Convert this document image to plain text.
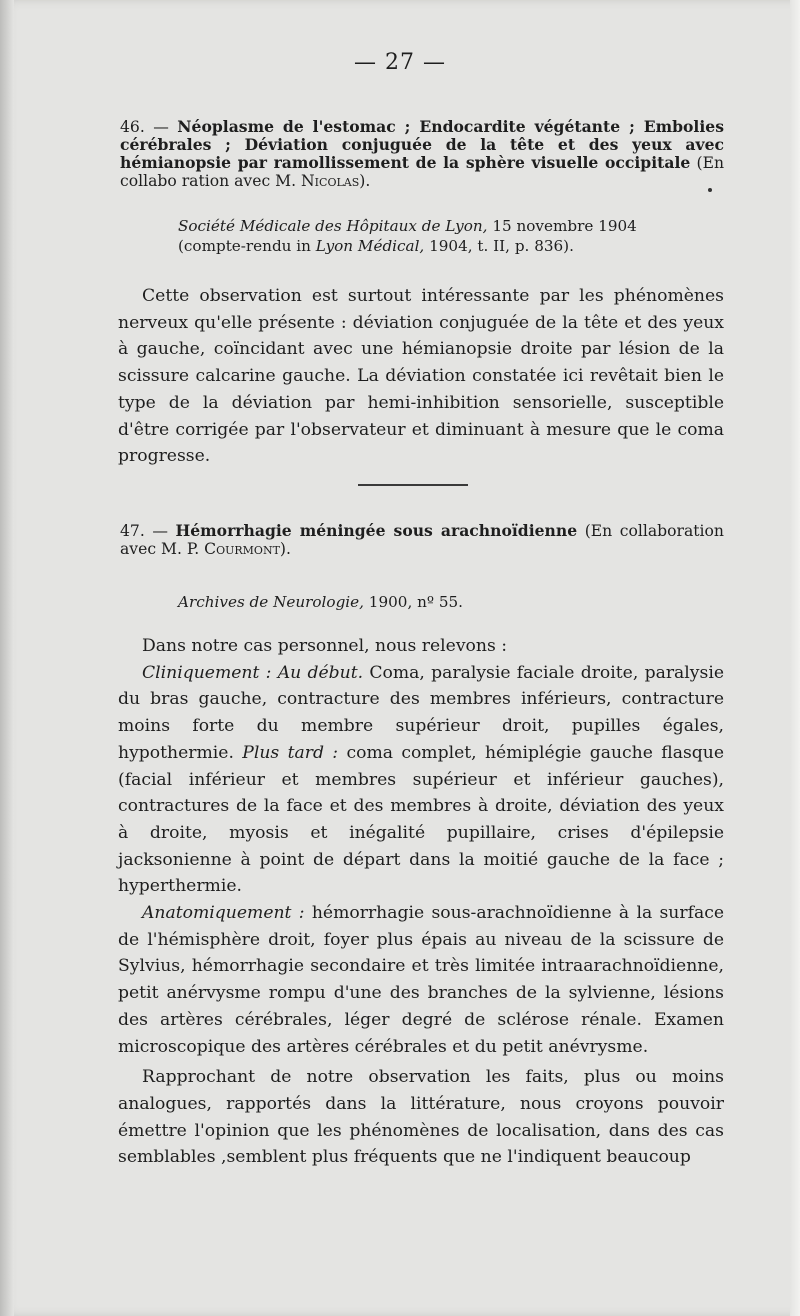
— 27 —
46. — Néoplasme de l'estomac ; Endocardite végétante ; Embolies cérébrales ; Déviation conjuguée de la tête et des yeux avec hémianopsie par ramollissement de la sphère visuelle occipitale (En collabo ration avec M. Nicolas).
Société Médicale des Hôpitaux de Lyon, 15 novembre 1904
(compte-rendu in Lyon Médical, 1904, t. II, p. 836).

Cette observation est surtout intéressante par les phénomènes nerveux qu'elle présente : déviation conjuguée de la tête et des yeux à gauche, coïncidant avec une hémianopsie droite par lésion de la scissure calcarine gauche. La déviation constatée ici revêtait bien le type de la déviation par hemi-inhibition sensorielle, susceptible d'être corrigée par l'observateur et diminuant à mesure que le coma progresse.

47. — Hémorrhagie méningée sous arachnoïdienne (En collaboration avec M. P. Courmont).
Archives de Neurologie, 1900, nº 55.

Dans notre cas personnel, nous relevons :

Cliniquement : Au début. Coma, paralysie faciale droite, paralysie du bras gauche, contracture des membres inférieurs, contracture moins forte du membre supérieur droit, pupilles égales, hypothermie. Plus tard : coma complet, hémiplégie gauche flasque (facial inférieur et membres supérieur et inférieur gauches), contractures de la face et des membres à droite, déviation des yeux à droite, myosis et inégalité pupillaire, crises d'épilepsie jacksonienne à point de départ dans la moitié gauche de la face ; hyperthermie.

Anatomiquement : hémorrhagie sous-arachnoïdienne à la surface de l'hémisphère droit, foyer plus épais au niveau de la scissure de Sylvius, hémorrhagie secondaire et très limitée intraarachnoïdienne, petit anérvysme rompu d'une des branches de la sylvienne, lésions des artères cérébrales, léger degré de sclérose rénale. Examen microscopique des artères cérébrales et du petit anévrysme.

Rapprochant de notre observation les faits, plus ou moins analogues, rapportés dans la littérature, nous croyons pouvoir émettre l'opinion que les phénomènes de localisation, dans des cas semblables ,semblent plus fréquents que ne l'indiquent beaucoup
